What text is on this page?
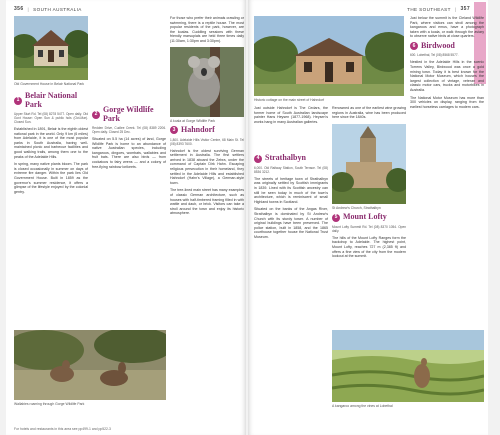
356 | SOUTH AUSTRALIA
Old Government House in Belair National Park
1
Belair National Park

Upper Sturt Rd. Tel (08) 8278 5477. Open daily. Old Govt House: Open Sun & public hols (Oct-Mar). Closed Sun.

Established in 1891, Belair is the eighth oldest national park in the world. Only 9 km (6 miles) from Adelaide, it is one of the most popular parks in South Australia, having well-maintained picnic and barbecue facilities and good walking trails, among them one to the peaks of the Adelaide Hills.

In spring, many native plants bloom. The park is closed occasionally in summer on days of extreme fire danger. Within the park lies Old Government House. Built in 1859 as the governor's summer residence, it offers a glimpse of the lifestyle enjoyed by the colonial gentry.

Wallabies roaming through Gorge Wildlife Park
2
Gorge Wildlife Park

Redden Drive, Cudlee Creek. Tel (08) 8389 2206. Open daily. Closed 25 Dec.

Situated on 5.5 ha (14 acres) of land, Gorge Wildlife Park is home to an abundance of native Australian species, including kangaroos, dingoes, wombats, wallabies and fruit bats. There are also birds — from cockatoos to fairy wrens — and a colony of free-flying rainbow lorikeets.

For those who prefer their animals crawling or swimming, there is a reptile house. The most popular residents of the park, however, are the koalas. Cuddling sessions with these friendly marsupials are held three times daily (11:30am, 1:30pm and 3:30pm).

A koala at Gorge Wildlife Park
3 Hahndorf

1,800. Adelaide Hills Visitor Centre, 68 Main St. Tel (08) 8393 7600.

Hahndorf is the oldest surviving German settlement in Australia. The first settlers arrived in 1838 aboard the Zebra, under the command of Captain Dirk Hahn. Escaping religious persecution in their homeland, they settled in the Adelaide Hills and established Hahndorf (Hahn's Village), a German-style town.

The tree-lined main street has many examples of classic German architecture, such as houses with half-timbered framing filled in with wattle and daub, or brick. Visitors can take a stroll around the town and enjoy its historic atmosphere.

For hotels and restaurants in this area see pp499-1 and pp522-3
THE SOUTHEAST | 357
Historic cottage on the main street of Hahndorf

Just outside Hahndorf is The Cedars, the former home of South Australian landscape painter Hans Heysen (1877-1968). Heysen's works hang in many Australian galleries.

4 Strathalbyn

6,000. Old Railway Station, South Terrace. Tel (08) 8536 3212.

The streets of heritage town of Strathalbyn was originally settled by Scottish immigrants in 1839. Lined with its Scottish ancestry can still be seen today in much of the town's architecture, which is reminiscent of small Highland towns in Scotland.

Situated on the banks of the Angas River, Strathalbyn is dominated by St Andrew's Church with its sturdy tower. A number of original buildings have been preserved. The police station, built in 1858, and the 1865 courthouse together house the National Trust Museum.

Renowned as one of the earliest wine growing regions in Australia, wine has been produced here since the 1840s.

St Andrew's Church, Strathalbyn
5 Mount Lofty

Mount Lofty Summit Rd. Tel (08) 8370 1054. Open daily.

The hills of the Mount Lofty Ranges form the backdrop to Adelaide. The highest point, Mount Lofty, reaches 727 m (2,385 ft) and offers a fine view of the city from the modern lookout at the summit.

Just below the summit is the Cleland Wildlife Park, where visitors can stroll among the kangaroos and emus, have a photograph taken with a koala, or walk through the aviary to observe native birds at close quarters.

6 Birdwood

600. Lobethal, Tel (08) 8568 5577.

Nestled in the Adelaide Hills in the scenic Torrens Valley, Birdwood was once a gold mining town. Today it is best known for the National Motor Museum, which houses the largest collection of vintage, veteran and classic motor cars, trucks and motorbikes in Australia.

The National Motor Museum has more than 300 vehicles on display, ranging from the earliest horseless carriages to modern cars.

A kangaroo among the vines at Lobethal
